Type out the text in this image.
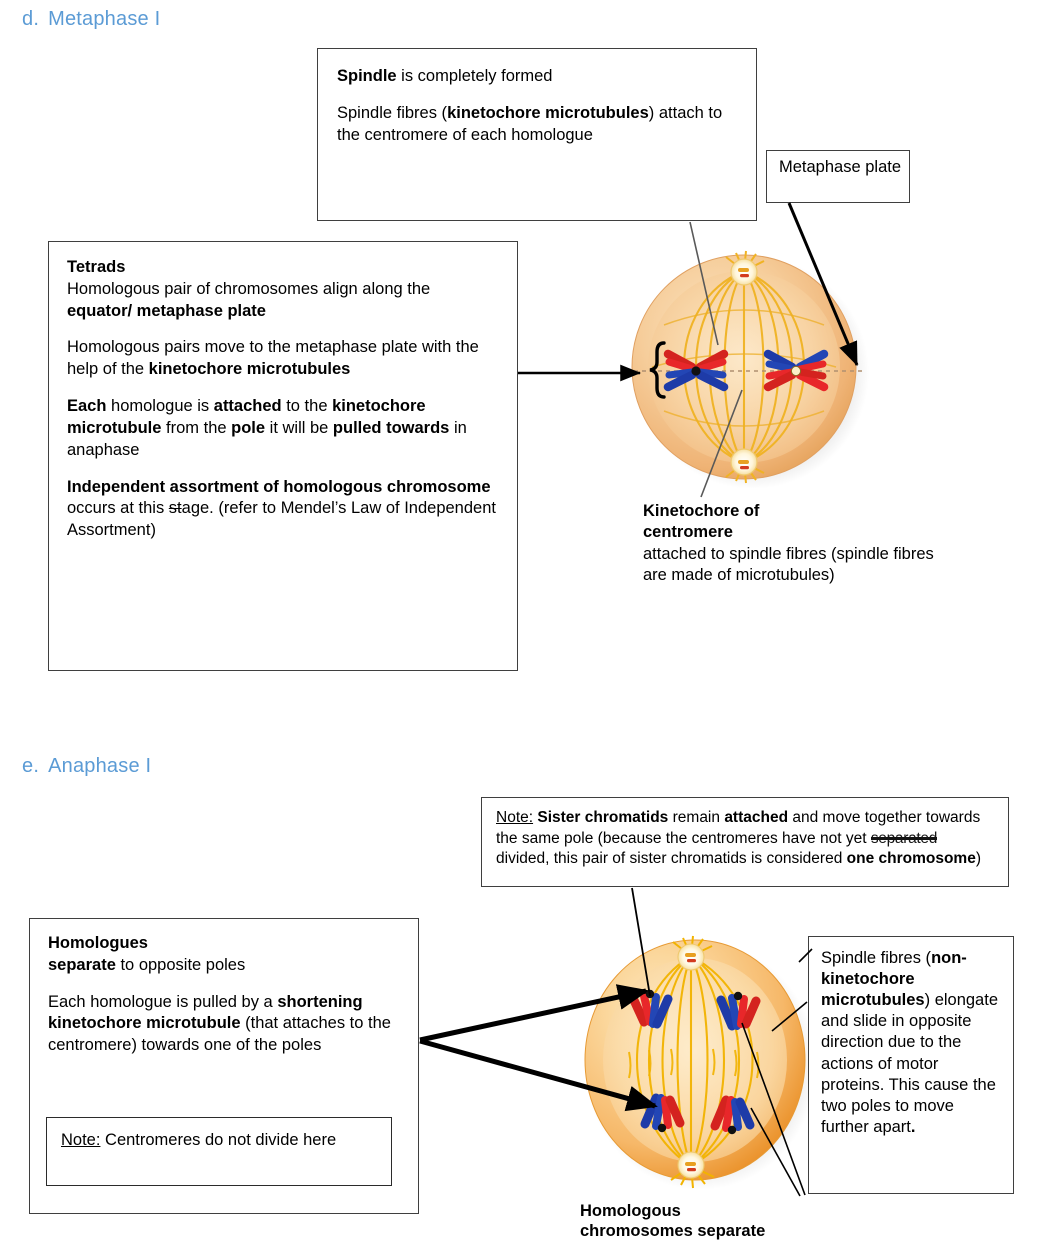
d. Metaphase I

Spindle is completely formed

Spindle fibres (kinetochore microtubules) attach to the centromere of each homologue

Metaphase plate

Tetrads

Homologous pair of chromosomes align along the equator/ metaphase plate

Homologous pairs move to the metaphase plate with the help of the kinetochore microtubules

Each homologue is attached to the kinetochore microtubule from the pole it will be pulled towards in anaphase

Independent assortment of homologous chromosome occurs at this stage. (refer to Mendel’s Law of Independent Assortment)

Kinetochore of
centromere
attached to spindle fibres (spindle fibres are made of microtubules)
e. Anaphase I

Note: Sister chromatids remain attached and move together towards the same pole (because the centromeres have not yet separated divided, this pair of sister chromatids is considered one chromosome)

Homologues

separate to opposite poles

Each homologue is pulled by a shortening kinetochore microtubule (that attaches to the centromere) towards one of the poles

Note: Centromeres do not divide here

Spindle fibres (non-kinetochore microtubules) elongate and slide in opposite direction due to the actions of motor proteins. This cause the two poles to move further apart.

Homologous
chromosomes separate
